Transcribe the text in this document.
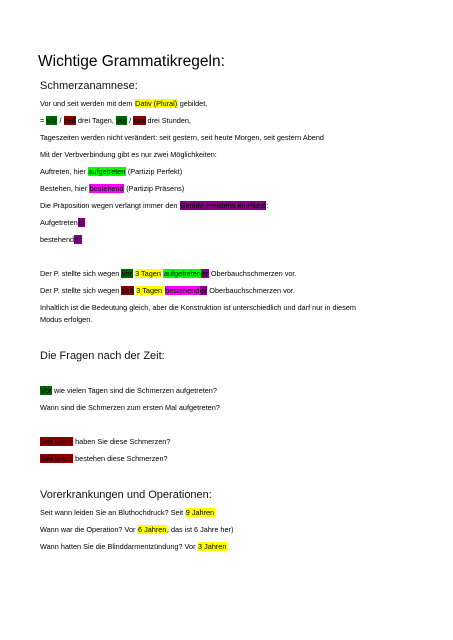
Wichtige Grammatikregeln:
Schmerzanamnese:
Vor und seit werden mit dem Dativ (Plural) gebildet,
= vor / seit drei Tagen, vor / seit drei Stunden,
Tageszeiten werden nicht verändert: seit gestern, seit heute Morgen, seit gestern Abend
Mit der Verbverbindung gibt es nur zwei Möglichkeiten:
Auftreten, hier aufgetreten (Partizip Perfekt)
Bestehen, hier bestehend (Partizip Präsens)
Die Präposition wegen verlangt immer den Genitiv, meistens im Plural:
Aufgetretener
bestehender
Der P. stellte sich wegen vor 3 Tagen aufgetretener Oberbauchschmerzen vor.
Der P. stellte sich wegen seit 3 Tagen bestehender Oberbauchschmerzen vor.
Inhaltlich ist die Bedeutung gleich, aber die Konstruktion ist unterschiedlich und darf nur in diesem
Modus erfolgen.
Die Fragen nach der Zeit:
Vor wie vielen Tagen sind die Schmerzen aufgetreten?
Wann sind die Schmerzen zum ersten Mal aufgetreten?
Seit wann haben Sie diese Schmerzen?
Seit wann bestehen diese Schmerzen?
Vorerkrankungen und Operationen:
Seit wann leiden Sie an Bluthochdruck? Seit 9 Jahren
Wann war die Operation? Vor 6 Jahren, das ist 6 Jahre her)
Wann hatten Sie die Blinddarmentzündung? Vor 3 Jahren
